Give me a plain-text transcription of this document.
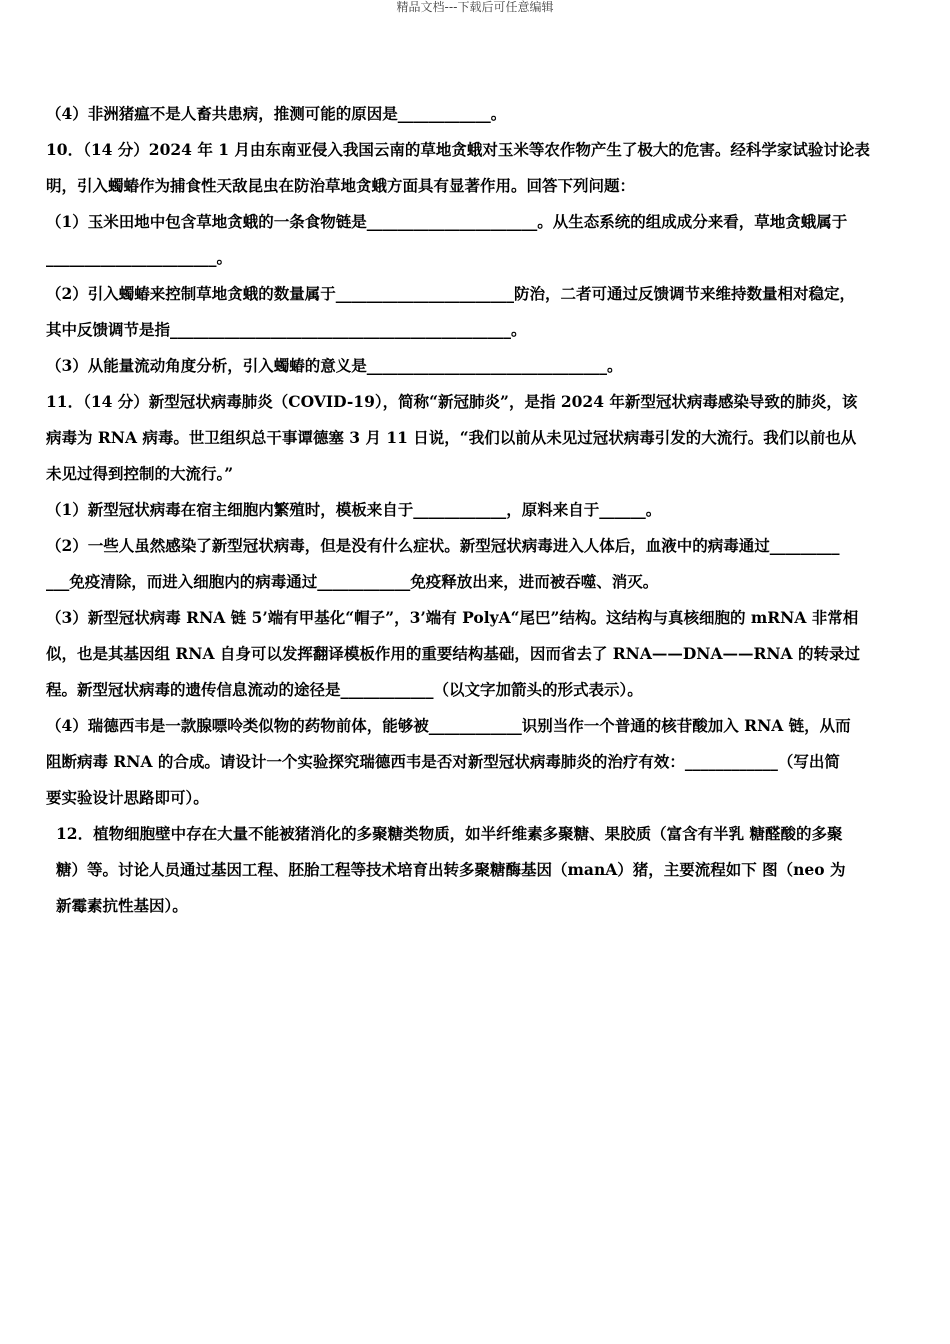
精品文档---下载后可任意编辑
（4）非洲猪瘟不是人畜共患病，推测可能的原因是____________。
10．（14 分）2024 年 1 月由东南亚侵入我国云南的草地贪蛾对玉米等农作物产生了极大的危害。经科学家试验讨论表
明，引入蠋蝽作为捕食性天敌昆虫在防治草地贪蛾方面具有显著作用。回答下列问题：
（1）玉米田地中包含草地贪蛾的一条食物链是______________________。从生态系统的组成成分来看，草地贪蛾属于
______________________。
（2）引入蠋蝽来控制草地贪蛾的数量属于_______________________防治，二者可通过反馈调节来维持数量相对稳定，
其中反馈调节是指____________________________________________。
（3）从能量流动角度分析，引入蠋蝽的意义是_______________________________。
11．（14 分）新型冠状病毒肺炎（COVID-19），简称“新冠肺炎”，是指 2024 年新型冠状病毒感染导致的肺炎，该
病毒为 RNA 病毒。世卫组织总干事谭德塞 3 月 11 日说，“我们以前从未见过冠状病毒引发的大流行。我们以前也从
未见过得到控制的大流行。”
（1）新型冠状病毒在宿主细胞内繁殖时，模板来自于____________，原料来自于______。
（2）一些人虽然感染了新型冠状病毒，但是没有什么症状。新型冠状病毒进入人体后，血液中的病毒通过_________
___免疫清除，而进入细胞内的病毒通过____________免疫释放出来，进而被吞噬、消灭。
（3）新型冠状病毒 RNA 链 5’端有甲基化“帽子”，3’端有 PolyA“尾巴”结构。这结构与真核细胞的 mRNA 非常相
似，也是其基因组 RNA 自身可以发挥翻译模板作用的重要结构基础，因而省去了 RNA——DNA——RNA 的转录过
程。新型冠状病毒的遗传信息流动的途径是____________（以文字加箭头的形式表示）。
（4）瑞德西韦是一款腺嘌呤类似物的药物前体，能够被____________识别当作一个普通的核苷酸加入 RNA 链，从而
阻断病毒 RNA 的合成。请设计一个实验探究瑞德西韦是否对新型冠状病毒肺炎的治疗有效：____________（写出简
要实验设计思路即可）。
12．植物细胞壁中存在大量不能被猪消化的多聚糖类物质，如半纤维素多聚糖、果胶质（富含有半乳 糖醛酸的多聚
糖）等。讨论人员通过基因工程、胚胎工程等技术培育出转多聚糖酶基因（manA）猪，主要流程如下 图（neo 为
新霉素抗性基因）。
